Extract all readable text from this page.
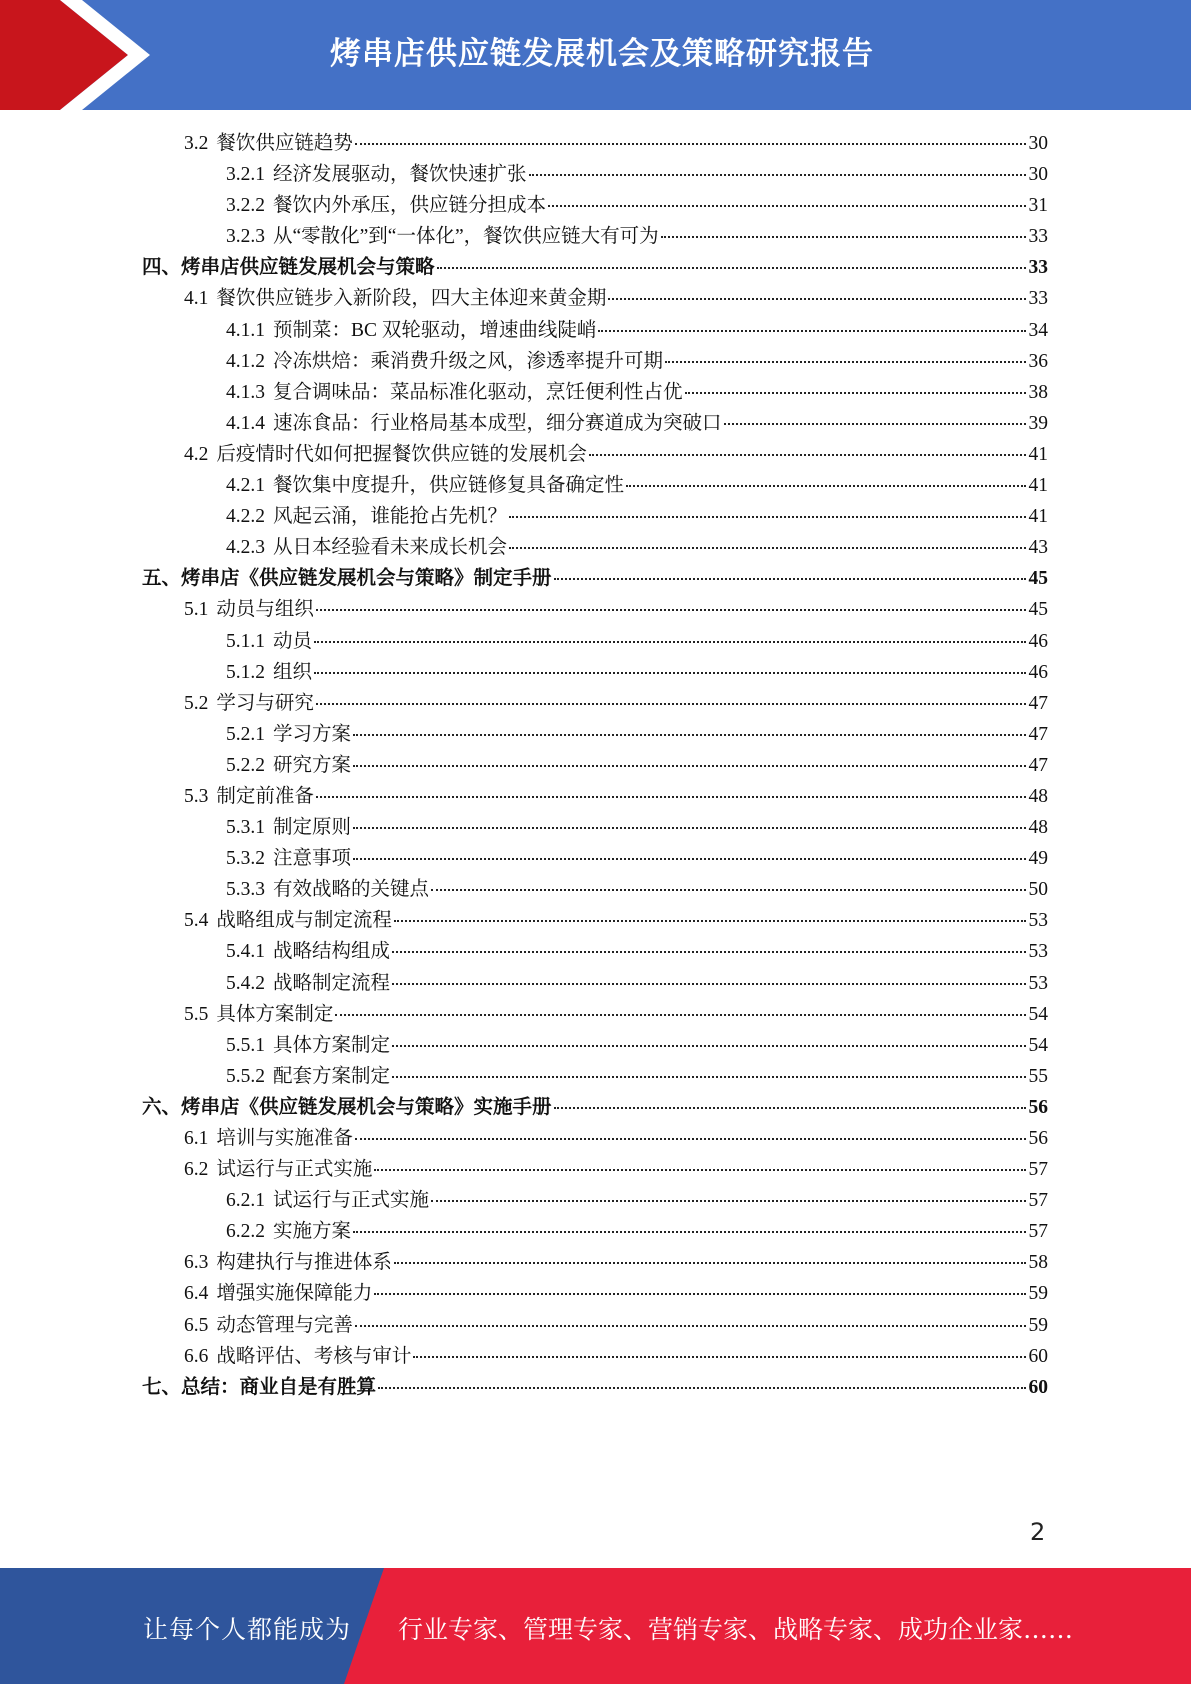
烤串店供应链发展机会及策略研究报告
3.2 餐饮供应链趋势	30
3.2.1 经济发展驱动，餐饮快速扩张	30
3.2.2 餐饮内外承压，供应链分担成本	31
3.2.3 从“零散化”到“一体化”，餐饮供应链大有可为	33
四、 烤串店供应链发展机会与策略	33
4.1 餐饮供应链步入新阶段，四大主体迎来黄金期	33
4.1.1 预制菜：BC 双轮驱动，增速曲线陡峭	34
4.1.2 冷冻烘焙：乘消费升级之风，渗透率提升可期	36
4.1.3 复合调味品：菜品标准化驱动，烹饪便利性占优	38
4.1.4 速冻食品：行业格局基本成型，细分赛道成为突破口	39
4.2 后疫情时代如何把握餐饮供应链的发展机会	41
4.2.1 餐饮集中度提升，供应链修复具备确定性	41
4.2.2 风起云涌，谁能抢占先机？	41
4.2.3 从日本经验看未来成长机会	43
五、 烤串店《供应链发展机会与策略》制定手册	45
5.1 动员与组织	45
5.1.1 动员	46
5.1.2 组织	46
5.2 学习与研究	47
5.2.1 学习方案	47
5.2.2 研究方案	47
5.3 制定前准备	48
5.3.1 制定原则	48
5.3.2 注意事项	49
5.3.3 有效战略的关键点	50
5.4 战略组成与制定流程	53
5.4.1 战略结构组成	53
5.4.2 战略制定流程	53
5.5 具体方案制定	54
5.5.1 具体方案制定	54
5.5.2 配套方案制定	55
六、 烤串店《供应链发展机会与策略》实施手册	56
6.1 培训与实施准备	56
6.2 试运行与正式实施	57
6.2.1 试运行与正式实施	57
6.2.2 实施方案	57
6.3 构建执行与推进体系	58
6.4 增强实施保障能力	59
6.5 动态管理与完善	59
6.6 战略评估、考核与审计	60
七、 总结：商业自是有胜算	60
2
让每个人都能成为 行业专家、管理专家、营销专家、战略专家、成功企业家……
